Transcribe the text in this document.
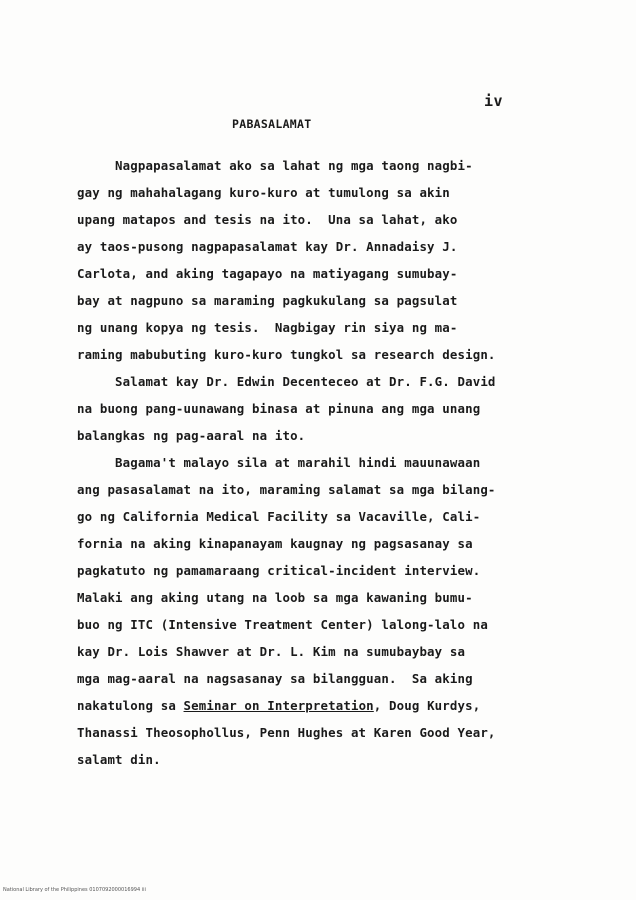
iv
PABASALAMAT
Nagpapasalamat ako sa lahat ng mga taong nagbi-
gay ng mahahalagang kuro-kuro at tumulong sa akin
upang matapos and tesis na ito.  Una sa lahat, ako
ay taos-pusong nagpapasalamat kay Dr. Annadaisy J.
Carlota, and aking tagapayo na matiyagang sumubay-
bay at nagpuno sa maraming pagkukulang sa pagsulat
ng unang kopya ng tesis.  Nagbigay rin siya ng ma-
raming mabubuting kuro-kuro tungkol sa research design.
Salamat kay Dr. Edwin Decenteceo at Dr. F.G. David
na buong pang-uunawang binasa at pinuna ang mga unang
balangkas ng pag-aaral na ito.
Bagama't malayo sila at marahil hindi mauunawaan
ang pasasalamat na ito, maraming salamat sa mga bilang-
go ng California Medical Facility sa Vacaville, Cali-
fornia na aking kinapanayam kaugnay ng pagsasanay sa
pagkatuto ng pamamaraang critical-incident interview.
Malaki ang aking utang na loob sa mga kawaning bumu-
buo ng ITC (Intensive Treatment Center) lalong-lalo na
kay Dr. Lois Shawver at Dr. L. Kim na sumubaybay sa
mga mag-aaral na nagsasanay sa bilangguan.  Sa aking
nakatulong sa Seminar on Interpretation, Doug Kurdys,
Thanassi Theosophollus, Penn Hughes at Karen Good Year,
salamt din.
National Library of the Philippines 0107092000016994 iii
